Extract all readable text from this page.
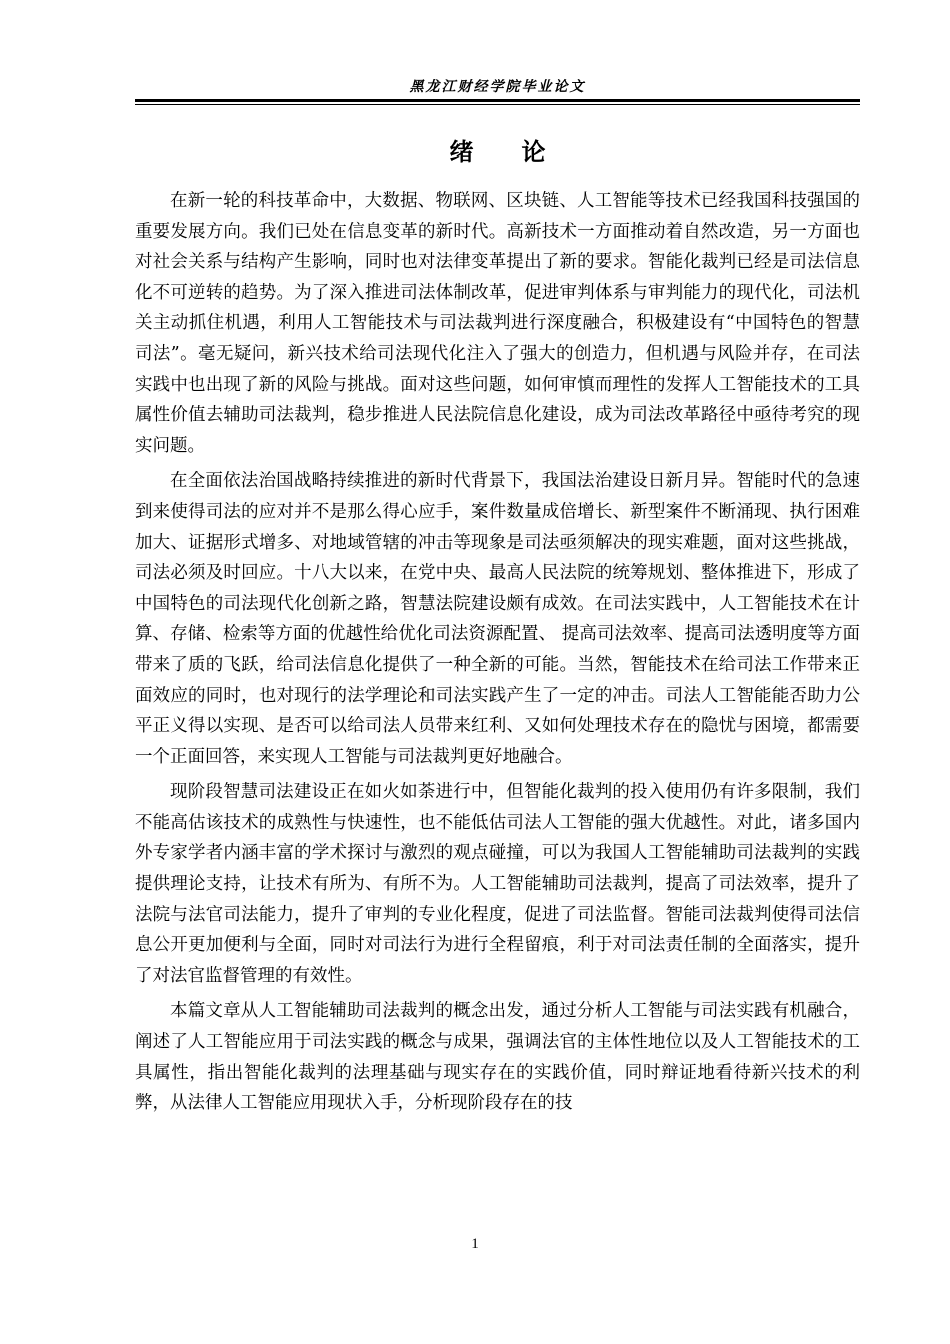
黑龙江财经学院毕业论文
绪 论

在新一轮的科技革命中，大数据、物联网、区块链、人工智能等技术已经我国科技强国的重要发展方向。我们已处在信息变革的新时代。高新技术一方面推动着自然改造，另一方面也对社会关系与结构产生影响，同时也对法律变革提出了新的要求。智能化裁判已经是司法信息化不可逆转的趋势。为了深入推进司法体制改革，促进审判体系与审判能力的现代化，司法机关主动抓住机遇，利用人工智能技术与司法裁判进行深度融合，积极建设有“中国特色的智慧司法”。毫无疑问，新兴技术给司法现代化注入了强大的创造力，但机遇与风险并存，在司法实践中也出现了新的风险与挑战。面对这些问题，如何审慎而理性的发挥人工智能技术的工具属性价值去辅助司法裁判，稳步推进人民法院信息化建设，成为司法改革路径中亟待考究的现实问题。

在全面依法治国战略持续推进的新时代背景下，我国法治建设日新月异。智能时代的急速到来使得司法的应对并不是那么得心应手，案件数量成倍增长、新型案件不断涌现、执行困难加大、证据形式增多、对地域管辖的冲击等现象是司法亟须解决的现实难题，面对这些挑战，司法必须及时回应。十八大以来，在党中央、最高人民法院的统筹规划、整体推进下，形成了中国特色的司法现代化创新之路，智慧法院建设颇有成效。在司法实践中，人工智能技术在计算、存储、检索等方面的优越性给优化司法资源配置、 提高司法效率、提高司法透明度等方面带来了质的飞跃，给司法信息化提供了一种全新的可能。当然，智能技术在给司法工作带来正面效应的同时，也对现行的法学理论和司法实践产生了一定的冲击。司法人工智能能否助力公平正义得以实现、是否可以给司法人员带来红利、又如何处理技术存在的隐忧与困境，都需要一个正面回答，来实现人工智能与司法裁判更好地融合。

现阶段智慧司法建设正在如火如荼进行中，但智能化裁判的投入使用仍有许多限制，我们不能高估该技术的成熟性与快速性，也不能低估司法人工智能的强大优越性。对此，诸多国内外专家学者内涵丰富的学术探讨与激烈的观点碰撞，可以为我国人工智能辅助司法裁判的实践提供理论支持，让技术有所为、有所不为。人工智能辅助司法裁判，提高了司法效率，提升了法院与法官司法能力，提升了审判的专业化程度，促进了司法监督。智能司法裁判使得司法信息公开更加便利与全面，同时对司法行为进行全程留痕，利于对司法责任制的全面落实，提升了对法官监督管理的有效性。

本篇文章从人工智能辅助司法裁判的概念出发，通过分析人工智能与司法实践有机融合，阐述了人工智能应用于司法实践的概念与成果，强调法官的主体性地位以及人工智能技术的工具属性，指出智能化裁判的法理基础与现实存在的实践价值，同时辩证地看待新兴技术的利弊，从法律人工智能应用现状入手，分析现阶段存在的技

1
